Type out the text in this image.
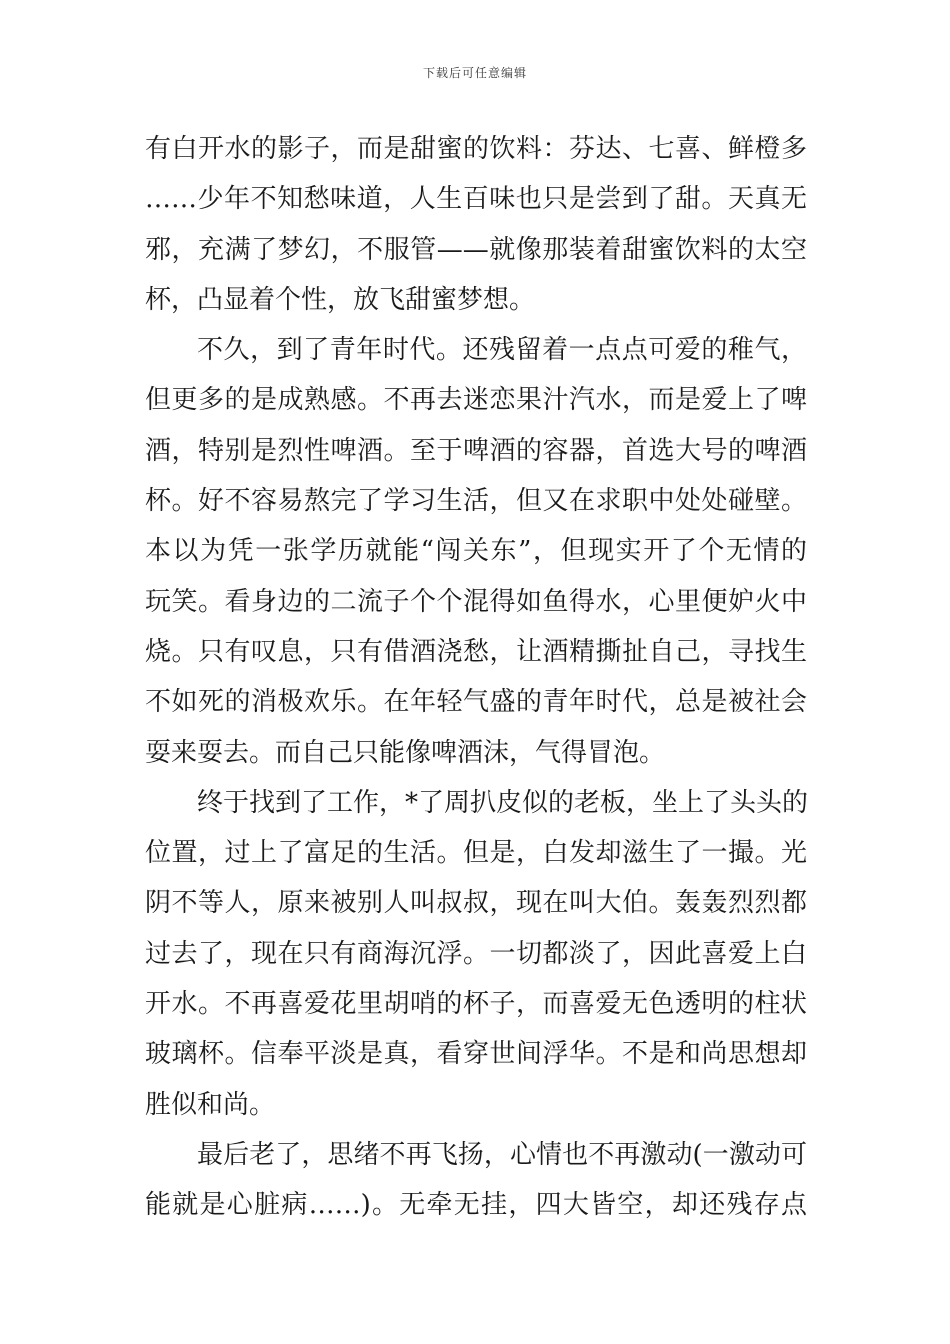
下载后可任意编辑
有白开水的影子，而是甜蜜的饮料：芬达、七喜、鲜橙多
……少年不知愁味道，人生百味也只是尝到了甜。天真无
邪，充满了梦幻，不服管——就像那装着甜蜜饮料的太空
杯，凸显着个性，放飞甜蜜梦想。
不久，到了青年时代。还残留着一点点可爱的稚气，
但更多的是成熟感。不再去迷恋果汁汽水，而是爱上了啤
酒，特别是烈性啤酒。至于啤酒的容器，首选大号的啤酒
杯。好不容易熬完了学习生活，但又在求职中处处碰壁。
本以为凭一张学历就能“闯关东”，但现实开了个无情的
玩笑。看身边的二流子个个混得如鱼得水，心里便妒火中
烧。只有叹息，只有借酒浇愁，让酒精撕扯自己，寻找生
不如死的消极欢乐。在年轻气盛的青年时代，总是被社会
耍来耍去。而自己只能像啤酒沫，气得冒泡。
终于找到了工作，*了周扒皮似的老板，坐上了头头的
位置，过上了富足的生活。但是，白发却滋生了一撮。光
阴不等人，原来被别人叫叔叔，现在叫大伯。轰轰烈烈都
过去了，现在只有商海沉浮。一切都淡了，因此喜爱上白
开水。不再喜爱花里胡哨的杯子，而喜爱无色透明的柱状
玻璃杯。信奉平淡是真，看穿世间浮华。不是和尚思想却
胜似和尚。
最后老了，思绪不再飞扬，心情也不再激动(一激动可
能就是心脏病……)。无牵无挂，四大皆空，却还残存点
